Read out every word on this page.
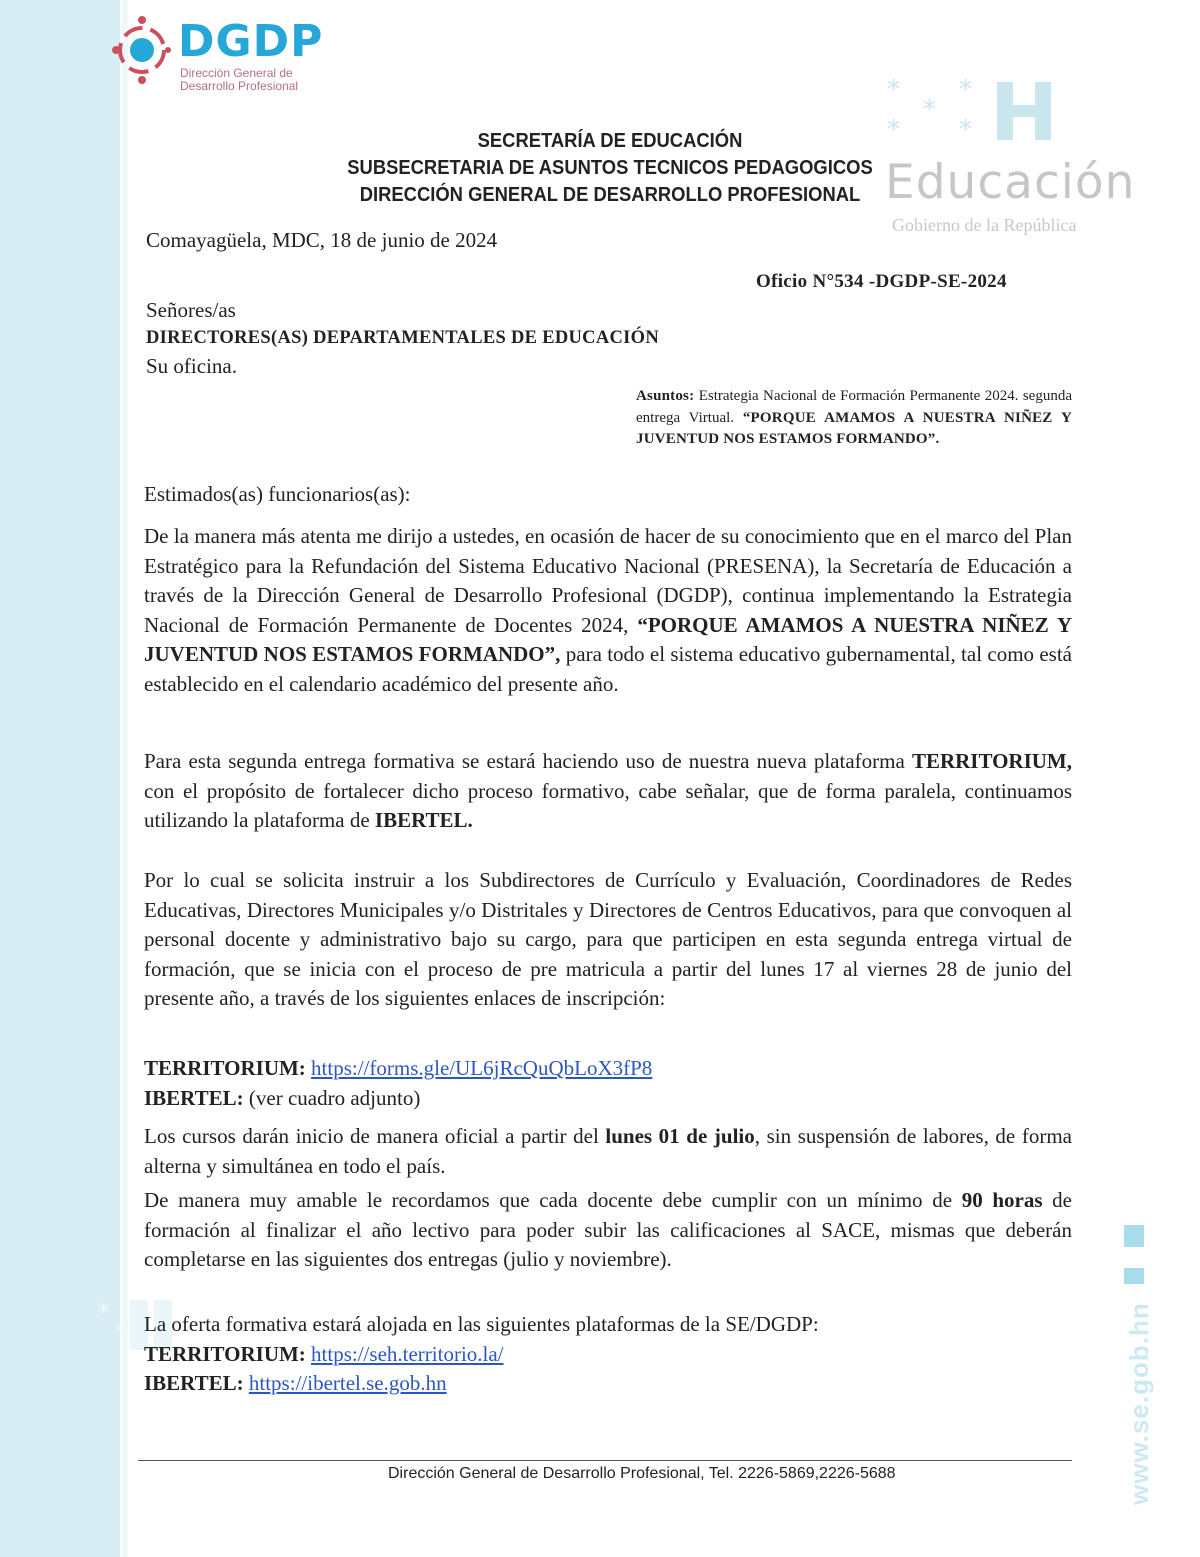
*
*
DGDP
Dirección General de
Desarrollo Profesional	*
*
*
*
*
Educación
Gobierno de la República
SECRETARÍA DE EDUCACIÓN
SUBSECRETARIA DE ASUNTOS TECNICOS PEDAGOGICOS
DIRECCIÓN GENERAL DE DESARROLLO PROFESIONAL
Comayagüela, MDC, 18 de junio de 2024
Oficio N°534 -DGDP-SE-2024
Señores/as
DIRECTORES(AS) DEPARTAMENTALES DE EDUCACIÓN
Su oficina.
Asuntos: Estrategia Nacional de Formación Permanente 2024. segunda entrega Virtual. “PORQUE AMAMOS A NUESTRA NIÑEZ Y JUVENTUD NOS ESTAMOS FORMANDO”.
Estimados(as) funcionarios(as):
De la manera más atenta me dirijo a ustedes, en ocasión de hacer de su conocimiento que en el marco del Plan Estratégico para la Refundación del Sistema Educativo Nacional (PRESENA), la Secretaría de Educación a través de la Dirección General de Desarrollo Profesional (DGDP), continua implementando la Estrategia Nacional de Formación Permanente de Docentes 2024, “PORQUE AMAMOS A NUESTRA NIÑEZ Y JUVENTUD NOS ESTAMOS FORMANDO”, para todo el sistema educativo gubernamental, tal como está establecido en el calendario académico del presente año.
Para esta segunda entrega formativa se estará haciendo uso de nuestra nueva plataforma TERRITORIUM, con el propósito de fortalecer dicho proceso formativo, cabe señalar, que de forma paralela, continuamos utilizando la plataforma de IBERTEL.
Por lo cual se solicita instruir a los Subdirectores de Currículo y Evaluación, Coordinadores de Redes Educativas, Directores Municipales y/o Distritales y Directores de Centros Educativos, para que convoquen al personal docente y administrativo bajo su cargo, para que participen en esta segunda entrega virtual de formación, que se inicia con el proceso de pre matricula a partir del lunes 17 al viernes 28 de junio del presente año, a través de los siguientes enlaces de inscripción:
TERRITORIUM: https://forms.gle/UL6jRcQuQbLoX3fP8
IBERTEL: (ver cuadro adjunto)
Los cursos darán inicio de manera oficial a partir del lunes 01 de julio, sin suspensión de labores, de forma alterna y simultánea en todo el país.
De manera muy amable le recordamos que cada docente debe cumplir con un mínimo de 90 horas de formación al finalizar el año lectivo para poder subir las calificaciones al SACE, mismas que deberán completarse en las siguientes dos entregas (julio y noviembre).
La oferta formativa estará alojada en las siguientes plataformas de la SE/DGDP:
TERRITORIUM: https://seh.territorio.la/
IBERTEL: https://ibertel.se.gob.hn
Dirección General de Desarrollo Profesional, Tel. 2226-5869,2226-5688	www.se.gob.hn
